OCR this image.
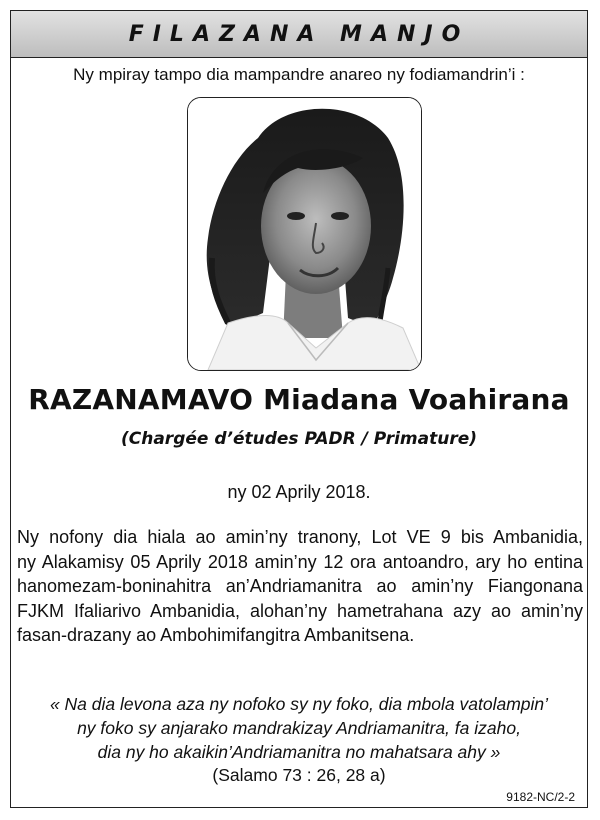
FILAZANA MANJO
Ny mpiray tampo dia mampandre anareo ny fodiamandrin’i :
RAZANAMAVO Miadana Voahirana
(Chargée d’études PADR / Primature)
ny 02 Aprily 2018.
Ny nofony dia hiala ao amin’ny tranony, Lot VE 9 bis Ambanidia,
ny Alakamisy 05 Aprily 2018 amin’ny 12 ora antoandro, ary ho entina
hanomezam-boninahitra an’Andriamanitra ao amin’ny Fiangonana
FJKM Ifaliarivo Ambanidia, alohan’ny hametrahana azy ao amin’ny
fasan-drazany ao Ambohimifangitra Ambanitsena.
« Na dia levona aza ny nofoko sy ny foko, dia mbola vatolampin’
ny foko sy anjarako mandrakizay Andriamanitra, fa izaho,
dia ny ho akaikin’Andriamanitra no mahatsara ahy »
(Salamo 73 : 26, 28 a)
9182-NC/2-2
